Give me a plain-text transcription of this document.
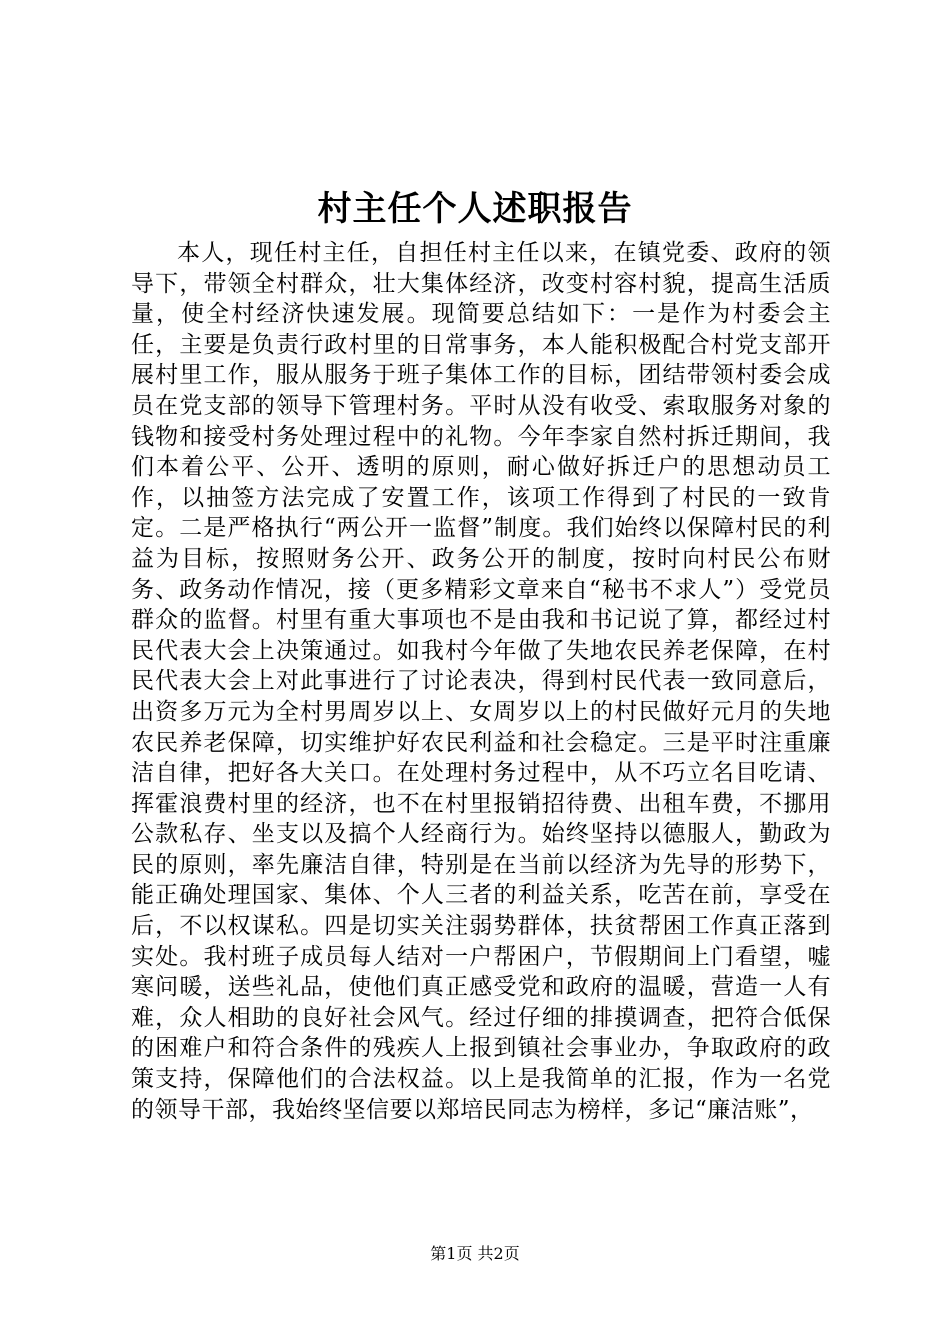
村主任个人述职报告

本人，现任村主任，自担任村主任以来，在镇党委、政府的领导下，带领全村群众，壮大集体经济，改变村容村貌，提高生活质量，使全村经济快速发展。现简要总结如下：一是作为村委会主任，主要是负责行政村里的日常事务，本人能积极配合村党支部开展村里工作，服从服务于班子集体工作的目标，团结带领村委会成员在党支部的领导下管理村务。平时从没有收受、索取服务对象的钱物和接受村务处理过程中的礼物。今年李家自然村拆迁期间，我们本着公平、公开、透明的原则，耐心做好拆迁户的思想动员工作，以抽签方法完成了安置工作，该项工作得到了村民的一致肯定。二是严格执行“两公开一监督”制度。我们始终以保障村民的利益为目标，按照财务公开、政务公开的制度，按时向村民公布财务、政务动作情况，接（更多精彩文章来自“秘书不求人”）受党员群众的监督。村里有重大事项也不是由我和书记说了算，都经过村民代表大会上决策通过。如我村今年做了失地农民养老保障，在村民代表大会上对此事进行了讨论表决，得到村民代表一致同意后，出资多万元为全村男周岁以上、女周岁以上的村民做好元月的失地农民养老保障，切实维护好农民利益和社会稳定。三是平时注重廉洁自律，把好各大关口。在处理村务过程中，从不巧立名目吃请、挥霍浪费村里的经济，也不在村里报销招待费、出租车费，不挪用公款私存、坐支以及搞个人经商行为。始终坚持以德服人，勤政为民的原则，率先廉洁自律，特别是在当前以经济为先导的形势下，能正确处理国家、集体、个人三者的利益关系，吃苦在前，享受在后，不以权谋私。四是切实关注弱势群体，扶贫帮困工作真正落到实处。我村班子成员每人结对一户帮困户，节假期间上门看望，嘘寒问暖，送些礼品，使他们真正感受党和政府的温暖，营造一人有难，众人相助的良好社会风气。经过仔细的排摸调查，把符合低保的困难户和符合条件的残疾人上报到镇社会事业办，争取政府的政策支持，保障他们的合法权益。以上是我简单的汇报，作为一名党的领导干部，我始终坚信要以郑培民同志为榜样，多记“廉洁账”，

第1页 共2页
